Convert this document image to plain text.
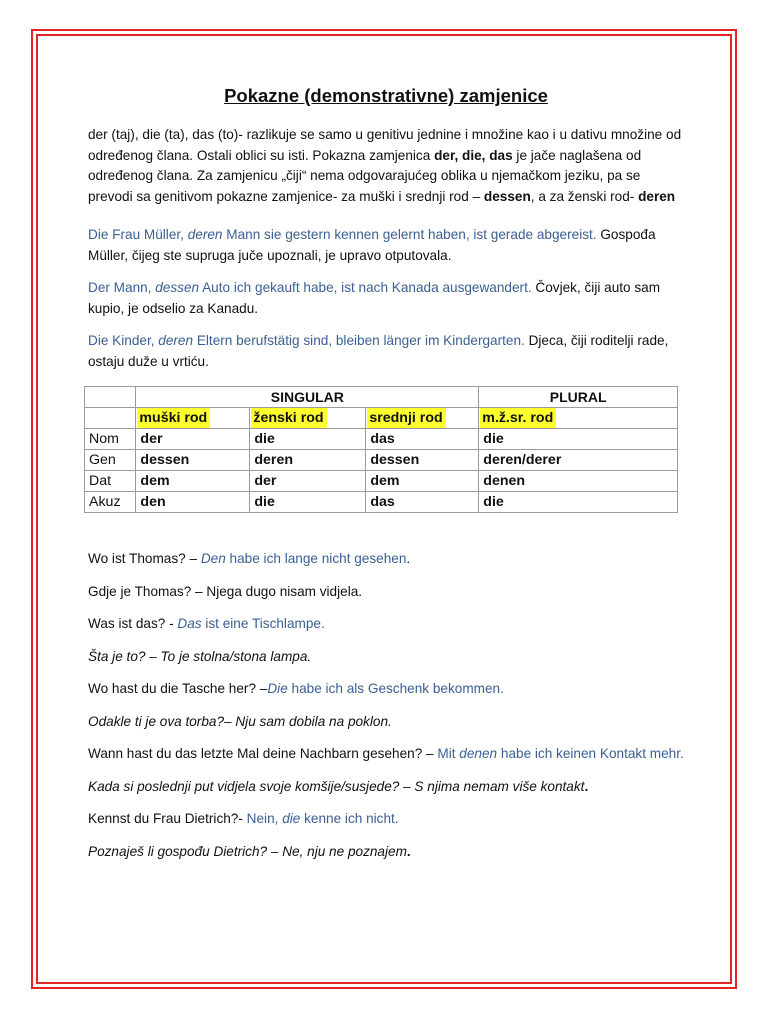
Pokazne (demonstrativne) zamjenice

der (taj), die (ta), das (to)- razlikuje se samo u genitivu jednine i množine kao i u dativu množine od određenog člana. Ostali oblici su isti. Pokazna zamjenica der, die, das je jače naglašena od određenog člana. Za zamjenicu „čiji“ nema odgovarajućeg oblika u njemačkom jeziku, pa se prevodi sa genitivom pokazne zamjenice- za muški i srednji rod – dessen, a za ženski rod- deren

Die Frau Müller, deren Mann sie gestern kennen gelernt haben, ist gerade abgereist. Gospođa Müller, čijeg ste supruga juče upoznali, je upravo otputovala.

Der Mann, dessen Auto ich gekauft habe, ist nach Kanada ausgewandert. Čovjek, čiji auto sam kupio, je odselio za Kanadu.

Die Kinder, deren Eltern berufstätig sind, bleiben länger im Kindergarten. Djeca, čiji roditelji rade, ostaju duže u vrtiću.

	SINGULAR			PLURAL
	muški rod	ženski rod	srednji rod	m.ž.sr. rod
Nom	der	die	das	die
Gen	dessen	deren	dessen	deren/derer
Dat	dem	der	dem	denen
Akuz	den	die	das	die

Wo ist Thomas? – Den habe ich lange nicht gesehen.

Gdje je Thomas? – Njega dugo nisam vidjela.

Was ist das? - Das ist eine Tischlampe.

Šta je to? – To je stolna/stona lampa.

Wo hast du die Tasche her? –Die habe ich als Geschenk bekommen.

Odakle ti je ova torba?– Nju sam dobila na poklon.

Wann hast du das letzte Mal deine Nachbarn gesehen? – Mit denen habe ich keinen Kontakt mehr.

Kada si poslednji put vidjela svoje komšije/susjede? – S njima nemam više kontakt.

Kennst du Frau Dietrich?- Nein, die kenne ich nicht.

Poznaješ li gospođu Dietrich? – Ne, nju ne poznajem.
